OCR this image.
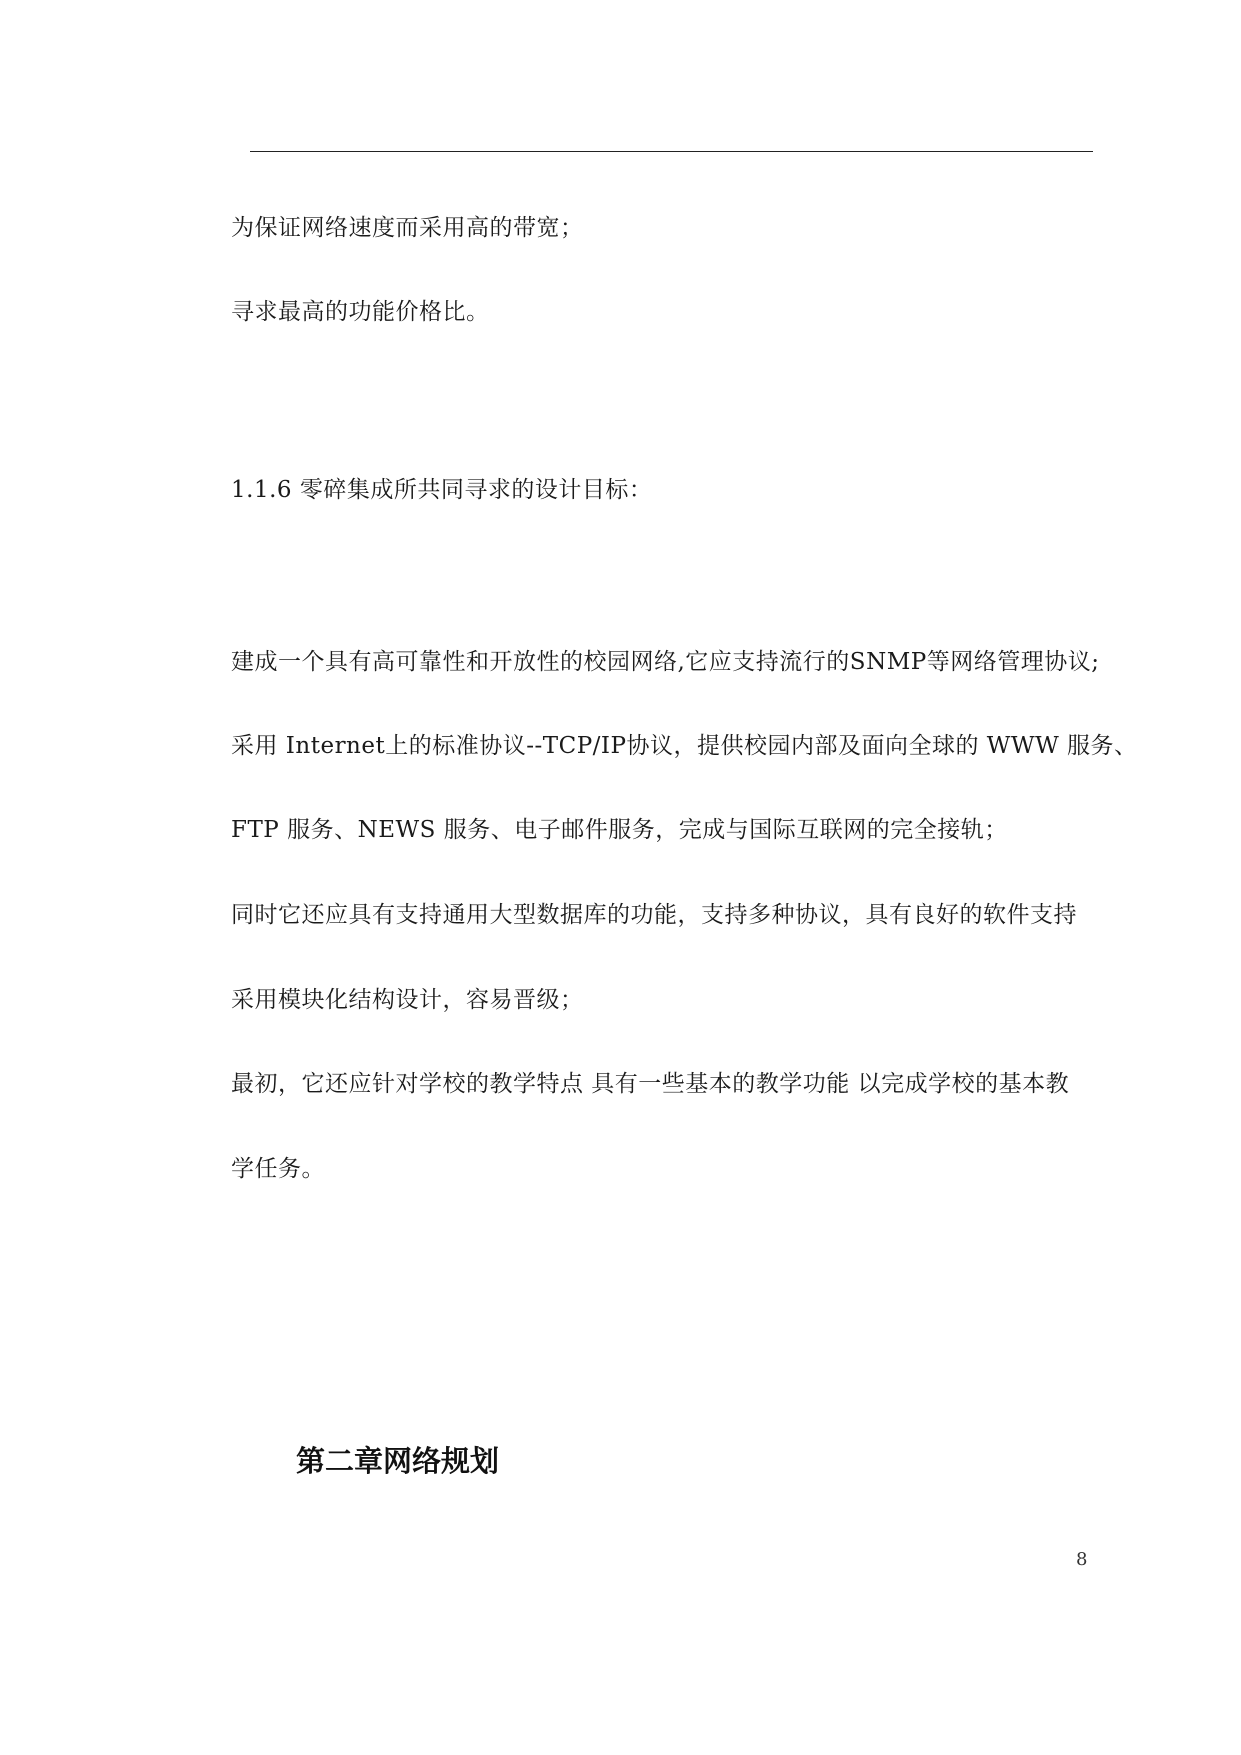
为保证网络速度而采用高的带宽；
寻求最高的功能价格比。
1.1.6 零碎集成所共同寻求的设计目标：
建成一个具有高可靠性和开放性的校园网络,它应支持流行的SNMP等网络管理协议;
采用 Internet上的标准协议--TCP/IP协议，提供校园内部及面向全球的 WWW 服务、
FTP 服务、NEWS 服务、电子邮件服务，完成与国际互联网的完全接轨；
同时它还应具有支持通用大型数据库的功能，支持多种协议，具有良好的软件支持
采用模块化结构设计，容易晋级；
最初，它还应针对学校的教学特点 具有一些基本的教学功能 以完成学校的基本教
学任务。
第二章网络规划
8
